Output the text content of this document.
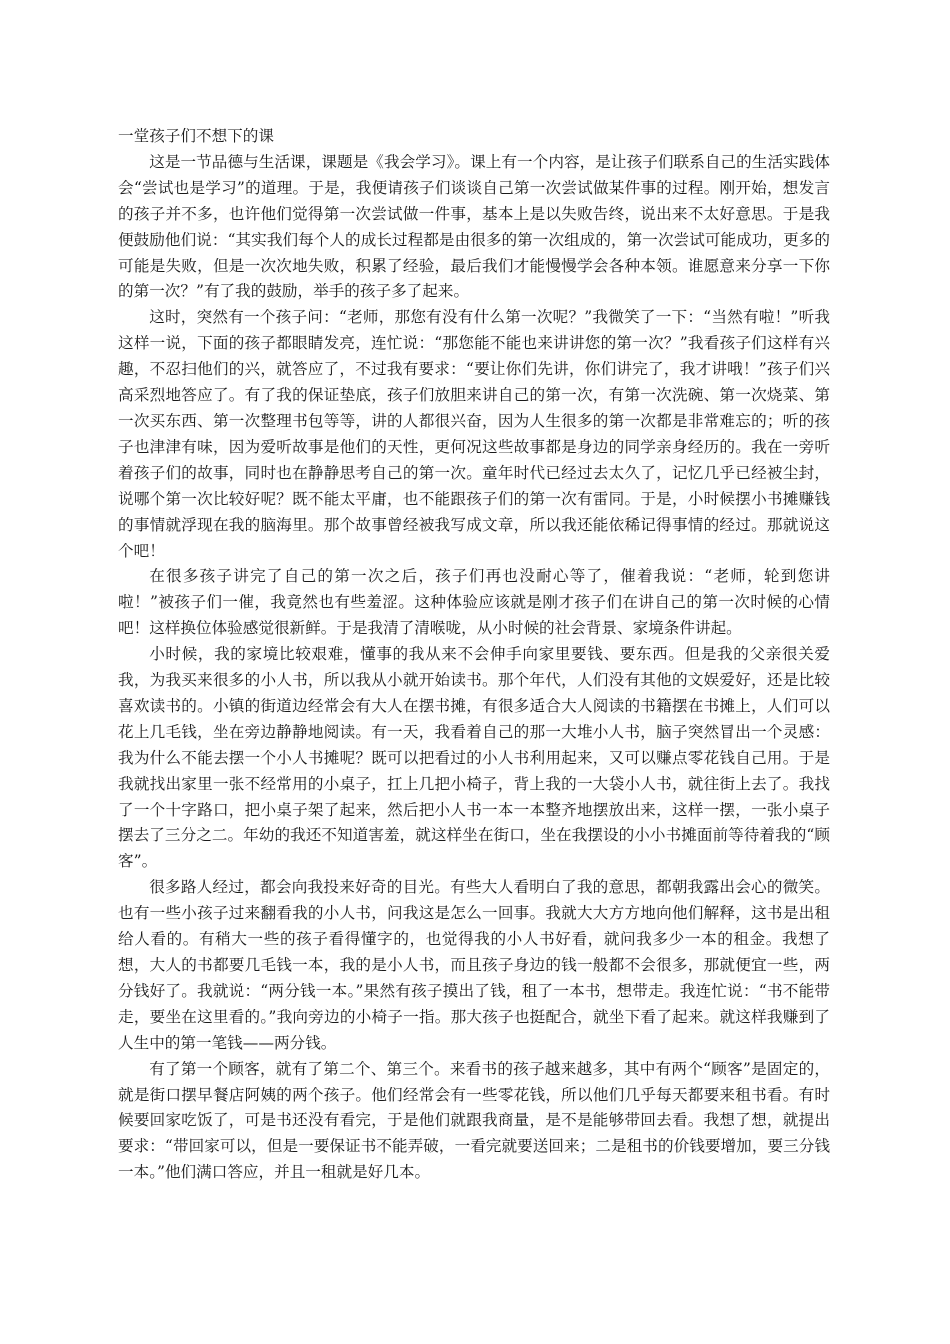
一堂孩子们不想下的课

这是一节品德与生活课，课题是《我会学习》。课上有一个内容，是让孩子们联系自己的生活实践体会“尝试也是学习”的道理。于是，我便请孩子们谈谈自己第一次尝试做某件事的过程。刚开始，想发言的孩子并不多，也许他们觉得第一次尝试做一件事，基本上是以失败告终，说出来不太好意思。于是我便鼓励他们说：“其实我们每个人的成长过程都是由很多的第一次组成的，第一次尝试可能成功，更多的可能是失败，但是一次次地失败，积累了经验，最后我们才能慢慢学会各种本领。谁愿意来分享一下你的第一次？”有了我的鼓励，举手的孩子多了起来。

这时，突然有一个孩子问：“老师，那您有没有什么第一次呢？”我微笑了一下：“当然有啦！”听我这样一说，下面的孩子都眼睛发亮，连忙说：“那您能不能也来讲讲您的第一次？”我看孩子们这样有兴趣，不忍扫他们的兴，就答应了，不过我有要求：“要让你们先讲，你们讲完了，我才讲哦！”孩子们兴高采烈地答应了。有了我的保证垫底，孩子们放胆来讲自己的第一次，有第一次洗碗、第一次烧菜、第一次买东西、第一次整理书包等等，讲的人都很兴奋，因为人生很多的第一次都是非常难忘的；听的孩子也津津有味，因为爱听故事是他们的天性，更何况这些故事都是身边的同学亲身经历的。我在一旁听着孩子们的故事，同时也在静静思考自己的第一次。童年时代已经过去太久了，记忆几乎已经被尘封，说哪个第一次比较好呢？既不能太平庸，也不能跟孩子们的第一次有雷同。于是，小时候摆小书摊赚钱的事情就浮现在我的脑海里。那个故事曾经被我写成文章，所以我还能依稀记得事情的经过。那就说这个吧！

在很多孩子讲完了自己的第一次之后，孩子们再也没耐心等了，催着我说：“老师，轮到您讲啦！”被孩子们一催，我竟然也有些羞涩。这种体验应该就是刚才孩子们在讲自己的第一次时候的心情吧！这样换位体验感觉很新鲜。于是我清了清喉咙，从小时候的社会背景、家境条件讲起。

小时候，我的家境比较艰难，懂事的我从来不会伸手向家里要钱、要东西。但是我的父亲很关爱我，为我买来很多的小人书，所以我从小就开始读书。那个年代，人们没有其他的文娱爱好，还是比较喜欢读书的。小镇的街道边经常会有大人在摆书摊，有很多适合大人阅读的书籍摆在书摊上，人们可以花上几毛钱，坐在旁边静静地阅读。有一天，我看着自己的那一大堆小人书，脑子突然冒出一个灵感：我为什么不能去摆一个小人书摊呢？既可以把看过的小人书利用起来，又可以赚点零花钱自己用。于是我就找出家里一张不经常用的小桌子，扛上几把小椅子，背上我的一大袋小人书，就往街上去了。我找了一个十字路口，把小桌子架了起来，然后把小人书一本一本整齐地摆放出来，这样一摆，一张小桌子摆去了三分之二。年幼的我还不知道害羞，就这样坐在街口，坐在我摆设的小小书摊面前等待着我的“顾客”。

很多路人经过，都会向我投来好奇的目光。有些大人看明白了我的意思，都朝我露出会心的微笑。也有一些小孩子过来翻看我的小人书，问我这是怎么一回事。我就大大方方地向他们解释，这书是出租给人看的。有稍大一些的孩子看得懂字的，也觉得我的小人书好看，就问我多少一本的租金。我想了想，大人的书都要几毛钱一本，我的是小人书，而且孩子身边的钱一般都不会很多，那就便宜一些，两分钱好了。我就说：“两分钱一本。”果然有孩子摸出了钱，租了一本书，想带走。我连忙说：“书不能带走，要坐在这里看的。”我向旁边的小椅子一指。那大孩子也挺配合，就坐下看了起来。就这样我赚到了人生中的第一笔钱——两分钱。

有了第一个顾客，就有了第二个、第三个。来看书的孩子越来越多，其中有两个“顾客”是固定的，就是街口摆早餐店阿姨的两个孩子。他们经常会有一些零花钱，所以他们几乎每天都要来租书看。有时候要回家吃饭了，可是书还没有看完，于是他们就跟我商量，是不是能够带回去看。我想了想，就提出要求：“带回家可以，但是一要保证书不能弄破，一看完就要送回来；二是租书的价钱要增加，要三分钱一本。”他们满口答应，并且一租就是好几本。
